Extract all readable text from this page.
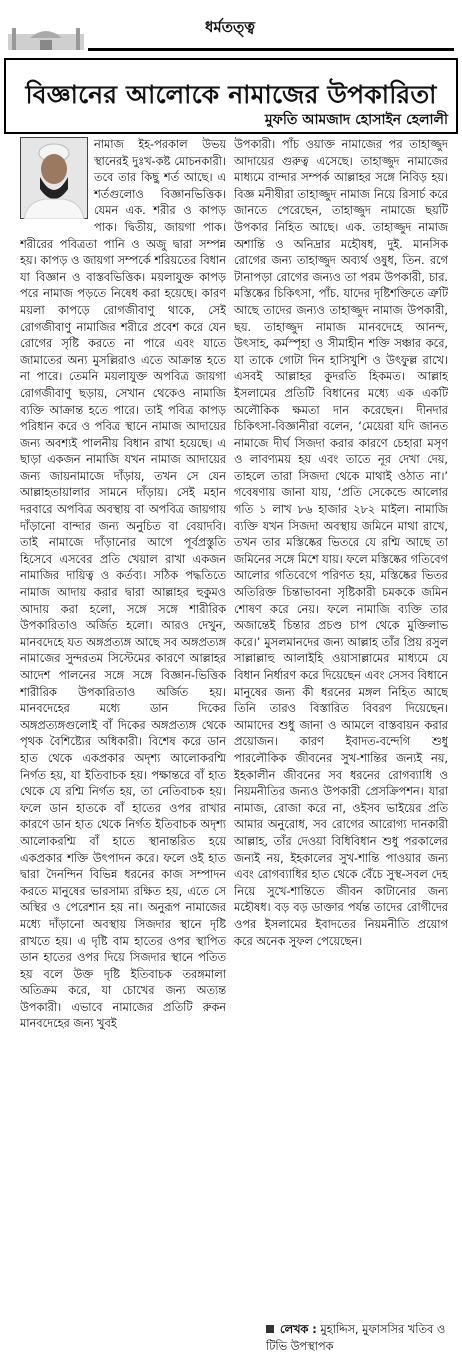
ধর্মতত্ত্ব
বিজ্ঞানের আলোকে নামাজের উপকারিতা
মুফতি আমজাদ হোসাইন হেলালী

নামাজ ইহ-পরকাল উভয় স্থানেরই দুঃখ-কষ্ট মোচনকারী। তবে তার কিছু শর্ত আছে। এ শর্তগুলোও বিজ্ঞানভিত্তিক। যেমন এক. শরীর ও কাপড় পাক। দ্বিতীয়, জায়গা পাক। শরীরের পবিত্রতা পানি ও অজু দ্বারা সম্পন্ন হয়। কাপড় ও জায়গা সম্পর্কে শরিয়তের বিধান যা বিজ্ঞান ও বাস্তবভিত্তিক। ময়লাযুক্ত কাপড় পরে নামাজ পড়তে নিষেধ করা হয়েছে। কারণ ময়লা কাপড়ে রোগজীবাণু থাকে, সেই রোগজীবাণু নামাজির শরীরে প্রবেশ করে যেন রোগের সৃষ্টি করতে না পারে এবং যাতে জামাতের অন্য মুসল্লিরাও এতে আক্রান্ত হতে না পারে। তেমনি ময়লাযুক্ত অপবিত্র জায়গা রোগজীবাণু ছড়ায়, সেখান থেকেও নামাজি ব্যক্তি আক্রান্ত হতে পারে। তাই পবিত্র কাপড় পরিধান করে ও পবিত্র স্থানে নামাজ আদায়ের জন্য অবশ্যই পালনীয় বিধান রাখা হয়েছে। এ ছাড়া একজন নামাজি যখন নামাজ আদায়ের জন্য জায়নামাজে দাঁড়ায়, তখন সে যেন আল্লাহতায়ালার সামনে দাঁড়ায়। সেই মহান দরবারে অপবিত্র অবস্থায় বা অপবিত্র জায়গায় দাঁড়ানো বান্দার জন্য অনুচিত বা বেয়াদবি। তাই নামাজে দাঁড়ানোর আগে পূর্বপ্রস্তুতি হিসেবে এসবের প্রতি খেয়াল রাখা একজন নামাজির দায়িত্ব ও কর্তব্য। সঠিক পদ্ধতিতে নামাজ আদায় করার দ্বারা আল্লাহর হুকুমও আদায় করা হলো, সঙ্গে সঙ্গে শারীরিক উপকারিতাও অর্জিত হলো। আরও দেখুন, মানবদেহে যত অঙ্গপ্রত্যঙ্গ আছে সব অঙ্গপ্রত্যঙ্গ নামাজের সুন্দরতম সিস্টেমের কারণে আল্লাহর আদেশ পালনের সঙ্গে সঙ্গে বিজ্ঞান-ভিত্তিক শারীরিক উপকারিতাও অর্জিত হয়। মানবদেহের মধ্যে ডান দিকের অঙ্গপ্রত্যঙ্গগুলোই বাঁ দিকের অঙ্গপ্রত্যঙ্গ থেকে পৃথক বৈশিষ্ট্যের অধিকারী। বিশেষ করে ডান হাত থেকে একপ্রকার অদৃশ্য আলোকরশ্মি নির্গত হয়, যা ইতিবাচক হয়। পক্ষান্তরে বাঁ হাত থেকে যে রশ্মি নির্গত হয়, তা নেতিবাচক হয়। ফলে ডান হাতকে বাঁ হাতের ওপর রাখার কারণে ডান হাত থেকে নির্গত ইতিবাচক অদৃশ্য আলোকরশ্মি বাঁ হাতে স্থানান্তরিত হয়ে একপ্রকার শক্তি উৎপাদন করে। ফলে ওই হাত দ্বারা দৈনন্দিন বিভিন্ন ধরনের কাজ সম্পাদন করতে মানুষের ভারসাম্য রক্ষিত হয়, এতে সে অস্থির ও পেরেশান হয় না। অনুরূপ নামাজের মধ্যে দাঁড়ানো অবস্থায় সিজদার স্থানে দৃষ্টি রাখতে হয়। এ দৃষ্টি বাম হাতের ওপর স্থাপিত ডান হাতের ওপর দিয়ে সিজদার স্থানে পতিত হয় বলে উক্ত দৃষ্টি ইতিবাচক তরঙ্গমালা অতিক্রম করে, যা চোখের জন্য অত্যন্ত উপকারী। এভাবে নামাজের প্রতিটি রুকন মানবদেহের জন্য খুবই

উপকারী। পাঁচ ওয়াক্ত নামাজের পর তাহাজ্জুদ আদায়ের গুরুত্ব এসেছে। তাহাজ্জুদ নামাজের মাধ্যমে বান্দার সম্পর্ক আল্লাহর সঙ্গে নিবিড় হয়। বিজ্ঞ মনীষীরা তাহাজ্জুদ নামাজ নিয়ে রিসার্চ করে জানতে পেরেছেন, তাহাজ্জুদ নামাজে ছয়টি উপকার নিহিত আছে। এক. তাহাজ্জুদ নামাজ অশান্তি ও অনিদ্রার মহৌষধ, দুই. মানসিক রোগের জন্য তাহাজ্জুদ অব্যর্থ ওষুধ, তিন. রগে টানাপড়া রোগের জন্যও তা পরম উপকারী, চার. মস্তিষ্কের চিকিৎসা, পাঁচ. যাদের দৃষ্টিশক্তিতে ত্রুটি আছে তাদের জন্যও তাহাজ্জুদ নামাজ উপকারী, ছয়. তাহাজ্জুদ নামাজ মানবদেহে আনন্দ, উৎসাহ, কর্মস্পৃহা ও সীমাহীন শক্তি সঞ্চার করে, যা তাকে গোটা দিন হাসিখুশি ও উৎফুল্ল রাখে। এসবই আল্লাহর কুদরতি হিকমত। আল্লাহ ইসলামের প্রতিটি বিধানের মধ্যে এক একটি অলৌকিক ক্ষমতা দান করেছেন। দীনদার চিকিৎসা-বিজ্ঞানীরা বলেন, ‘মেয়েরা যদি জানত নামাজে দীর্ঘ সিজদা করার কারণে চেহারা মসৃণ ও লাবণ্যময় হয় এবং তাতে নূর দেখা দেয়, তাহলে তারা সিজদা থেকে মাথাই ওঠাত না।’ গবেষণায় জানা যায়, ‘প্রতি সেকেন্ডে আলোর গতি ১ লাখ ৮৬ হাজার ২৮২ মাইল। নামাজি ব্যক্তি যখন সিজদা অবস্থায় জমিনে মাথা রাখে, তখন তার মস্তিষ্কের ভিতরে যে রশ্মি আছে তা জমিনের সঙ্গে মিশে যায়। ফলে মস্তিষ্কের গতিবেগ আলোর গতিবেগে পরিণত হয়, মস্তিষ্কের ভিতর অতিরিক্ত চিন্তাভাবনা সৃষ্টিকারী চমককে জমিন শোষণ করে নেয়। ফলে নামাজি ব্যক্তি তার অজান্তেই চিন্তার প্রচণ্ড চাপ থেকে মুক্তিলাভ করে।’ মুসলমানদের জন্য আল্লাহ তাঁর প্রিয় রসুল সাল্লাল্লাহু আলাইহি ওয়াসাল্লামের মাধ্যমে যে বিধান নির্ধারণ করে দিয়েছেন এবং সেসব বিধানে মানুষের জন্য কী ধরনের মঙ্গল নিহিত আছে তিনি তারও বিস্তারিত বিবরণ দিয়েছেন। আমাদের শুধু জানা ও আমলে বাস্তবায়ন করার প্রয়োজন। কারণ ইবাদত-বন্দেগি শুধু পারলৌকিক জীবনের সুখ-শান্তির জন্যই নয়, ইহকালীন জীবনের সব ধরনের রোগব্যাধি ও নিয়মনীতির জন্যও উপকারী প্রেসক্রিপশন। যারা নামাজ, রোজা করে না, ওইসব ভাইয়ের প্রতি আমার অনুরোধ, সব রোগের আরোগ্য দানকারী আল্লাহ, তাঁর দেওয়া বিধিবিধান শুধু পরকালের জন্যই নয়, ইহকালের সুখ-শান্তি পাওয়ার জন্য এবং রোগব্যাধির হাত থেকে বেঁচে সুস্থ-সবল দেহ নিয়ে সুখে-শান্তিতে জীবন কাটানোর জন্য মহৌষধ। বড় বড় ডাক্তার পর্যন্ত তাদের রোগীদের ওপর ইসলামের ইবাদতের নিয়মনীতি প্রয়োগ করে অনেক সুফল পেয়েছেন।

লেখক : মুহাদ্দিস, মুফাসসির খতিব ও টিভি উপস্থাপক
